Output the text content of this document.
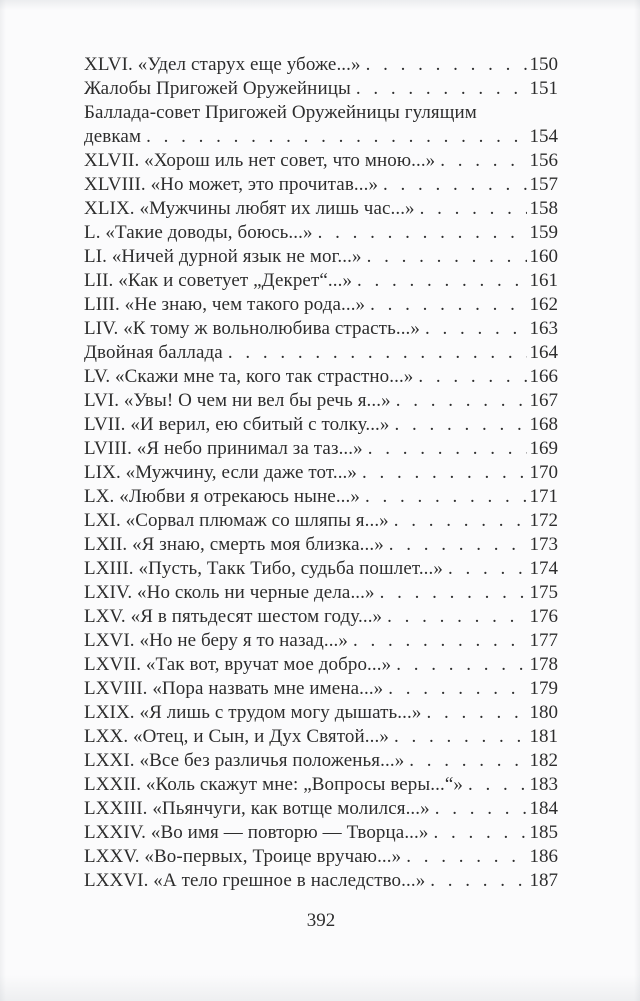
XLVI. «Удел старух еще убоже...» . . .	150
Жалобы Пригожей Оружейницы . . .	151
Баллада-совет Пригожей Оружейницы гулящим
девкам . . .	154
XLVII. «Хорош иль нет совет, что мною...» . . .	156
XLVIII. «Но может, это прочитав...» . . .	157
XLIX. «Мужчины любят их лишь час...» . . .	158
L. «Такие доводы, боюсь...» . . .	159
LI. «Ничей дурной язык не мог...» . . .	160
LII. «Как и советует „Декрет“...» . . .	161
LIII. «Не знаю, чем такого рода...» . . .	162
LIV. «К тому ж вольнолюбива страсть...» . . .	163
Двойная баллада . . .	164
LV. «Скажи мне та, кого так страстно...» . . .	166
LVI. «Увы! О чем ни вел бы речь я...» . . .	167
LVII. «И верил, ею сбитый с толку...» . . .	168
LVIII. «Я небо принимал за таз...» . . .	169
LIX. «Мужчину, если даже тот...» . . .	170
LX. «Любви я отрекаюсь ныне...» . . .	171
LXI. «Сорвал плюмаж со шляпы я...» . . .	172
LXII. «Я знаю, смерть моя близка...» . . .	173
LXIII. «Пусть, Такк Тибо, судьба пошлет...» . . .	174
LXIV. «Но сколь ни черные дела...» . . .	175
LXV. «Я в пятьдесят шестом году...» . . .	176
LXVI. «Но не беру я то назад...» . . .	177
LXVII. «Так вот, вручат мое добро...» . . .	178
LXVIII. «Пора назвать мне имена...» . . .	179
LXIX. «Я лишь с трудом могу дышать...» . . .	180
LXX. «Отец, и Сын, и Дух Святой...» . . .	181
LXXI. «Все без различья положенья...» . . .	182
LXXII. «Коль скажут мне: „Вопросы веры...“» . . .	183
LXXIII. «Пьянчуги, как вотще молился...» . . .	184
LXXIV. «Во имя — повторю — Творца...» . . .	185
LXXV. «Во-первых, Троице вручаю...» . . .	186
LXXVI. «А тело грешное в наследство...» . . .	187
392
